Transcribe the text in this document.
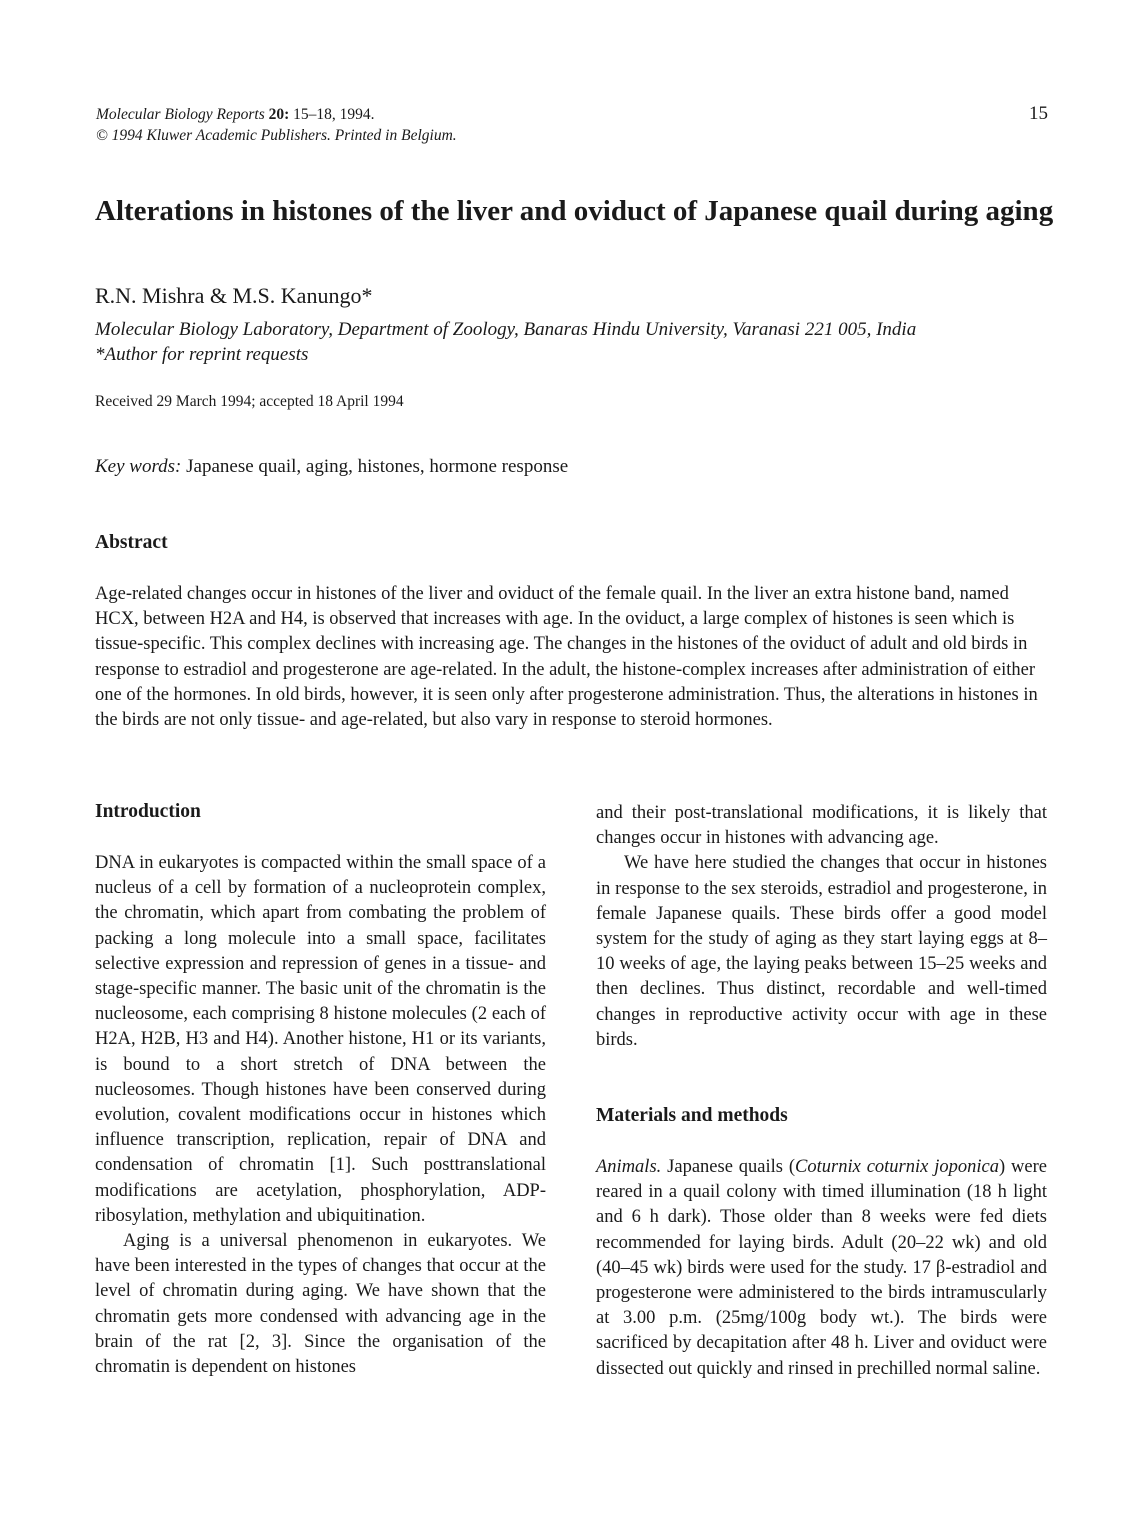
Molecular Biology Reports 20: 15–18, 1994.
© 1994 Kluwer Academic Publishers. Printed in Belgium.
15
Alterations in histones of the liver and oviduct of Japanese quail during aging
R.N. Mishra & M.S. Kanungo*
Molecular Biology Laboratory, Department of Zoology, Banaras Hindu University, Varanasi 221 005, India
*Author for reprint requests
Received 29 March 1994; accepted 18 April 1994
Key words: Japanese quail, aging, histones, hormone response
Abstract
Age-related changes occur in histones of the liver and oviduct of the female quail. In the liver an extra histone band, named HCX, between H2A and H4, is observed that increases with age. In the oviduct, a large complex of histones is seen which is tissue-specific. This complex declines with increasing age. The changes in the histones of the oviduct of adult and old birds in response to estradiol and progesterone are age-related. In the adult, the histone-complex increases after administration of either one of the hormones. In old birds, however, it is seen only after progesterone administration. Thus, the alterations in histones in the birds are not only tissue- and age-related, but also vary in response to steroid hormones.
Introduction

DNA in eukaryotes is compacted within the small space of a nucleus of a cell by formation of a nucleoprotein complex, the chromatin, which apart from combating the problem of packing a long molecule into a small space, facilitates selective expression and repression of genes in a tissue- and stage-specific manner. The basic unit of the chromatin is the nucleosome, each comprising 8 histone molecules (2 each of H2A, H2B, H3 and H4). Another histone, H1 or its variants, is bound to a short stretch of DNA between the nucleosomes. Though histones have been conserved during evolution, covalent modifications occur in histones which influence transcription, replication, repair of DNA and condensation of chromatin [1]. Such posttranslational modifications are acetylation, phosphorylation, ADP-ribosylation, methylation and ubiquitination.

Aging is a universal phenomenon in eukaryotes. We have been interested in the types of changes that occur at the level of chromatin during aging. We have shown that the chromatin gets more condensed with advancing age in the brain of the rat [2, 3]. Since the organisation of the chromatin is dependent on histones

and their post-translational modifications, it is likely that changes occur in histones with advancing age.

We have here studied the changes that occur in histones in response to the sex steroids, estradiol and progesterone, in female Japanese quails. These birds offer a good model system for the study of aging as they start laying eggs at 8–10 weeks of age, the laying peaks between 15–25 weeks and then declines. Thus distinct, recordable and well-timed changes in reproductive activity occur with age in these birds.

Materials and methods

Animals. Japanese quails (Coturnix coturnix joponica) were reared in a quail colony with timed illumination (18 h light and 6 h dark). Those older than 8 weeks were fed diets recommended for laying birds. Adult (20–22 wk) and old (40–45 wk) birds were used for the study. 17 β-estradiol and progesterone were administered to the birds intramuscularly at 3.00 p.m. (25mg/100g body wt.). The birds were sacrificed by decapitation after 48 h. Liver and oviduct were dissected out quickly and rinsed in prechilled normal saline.
